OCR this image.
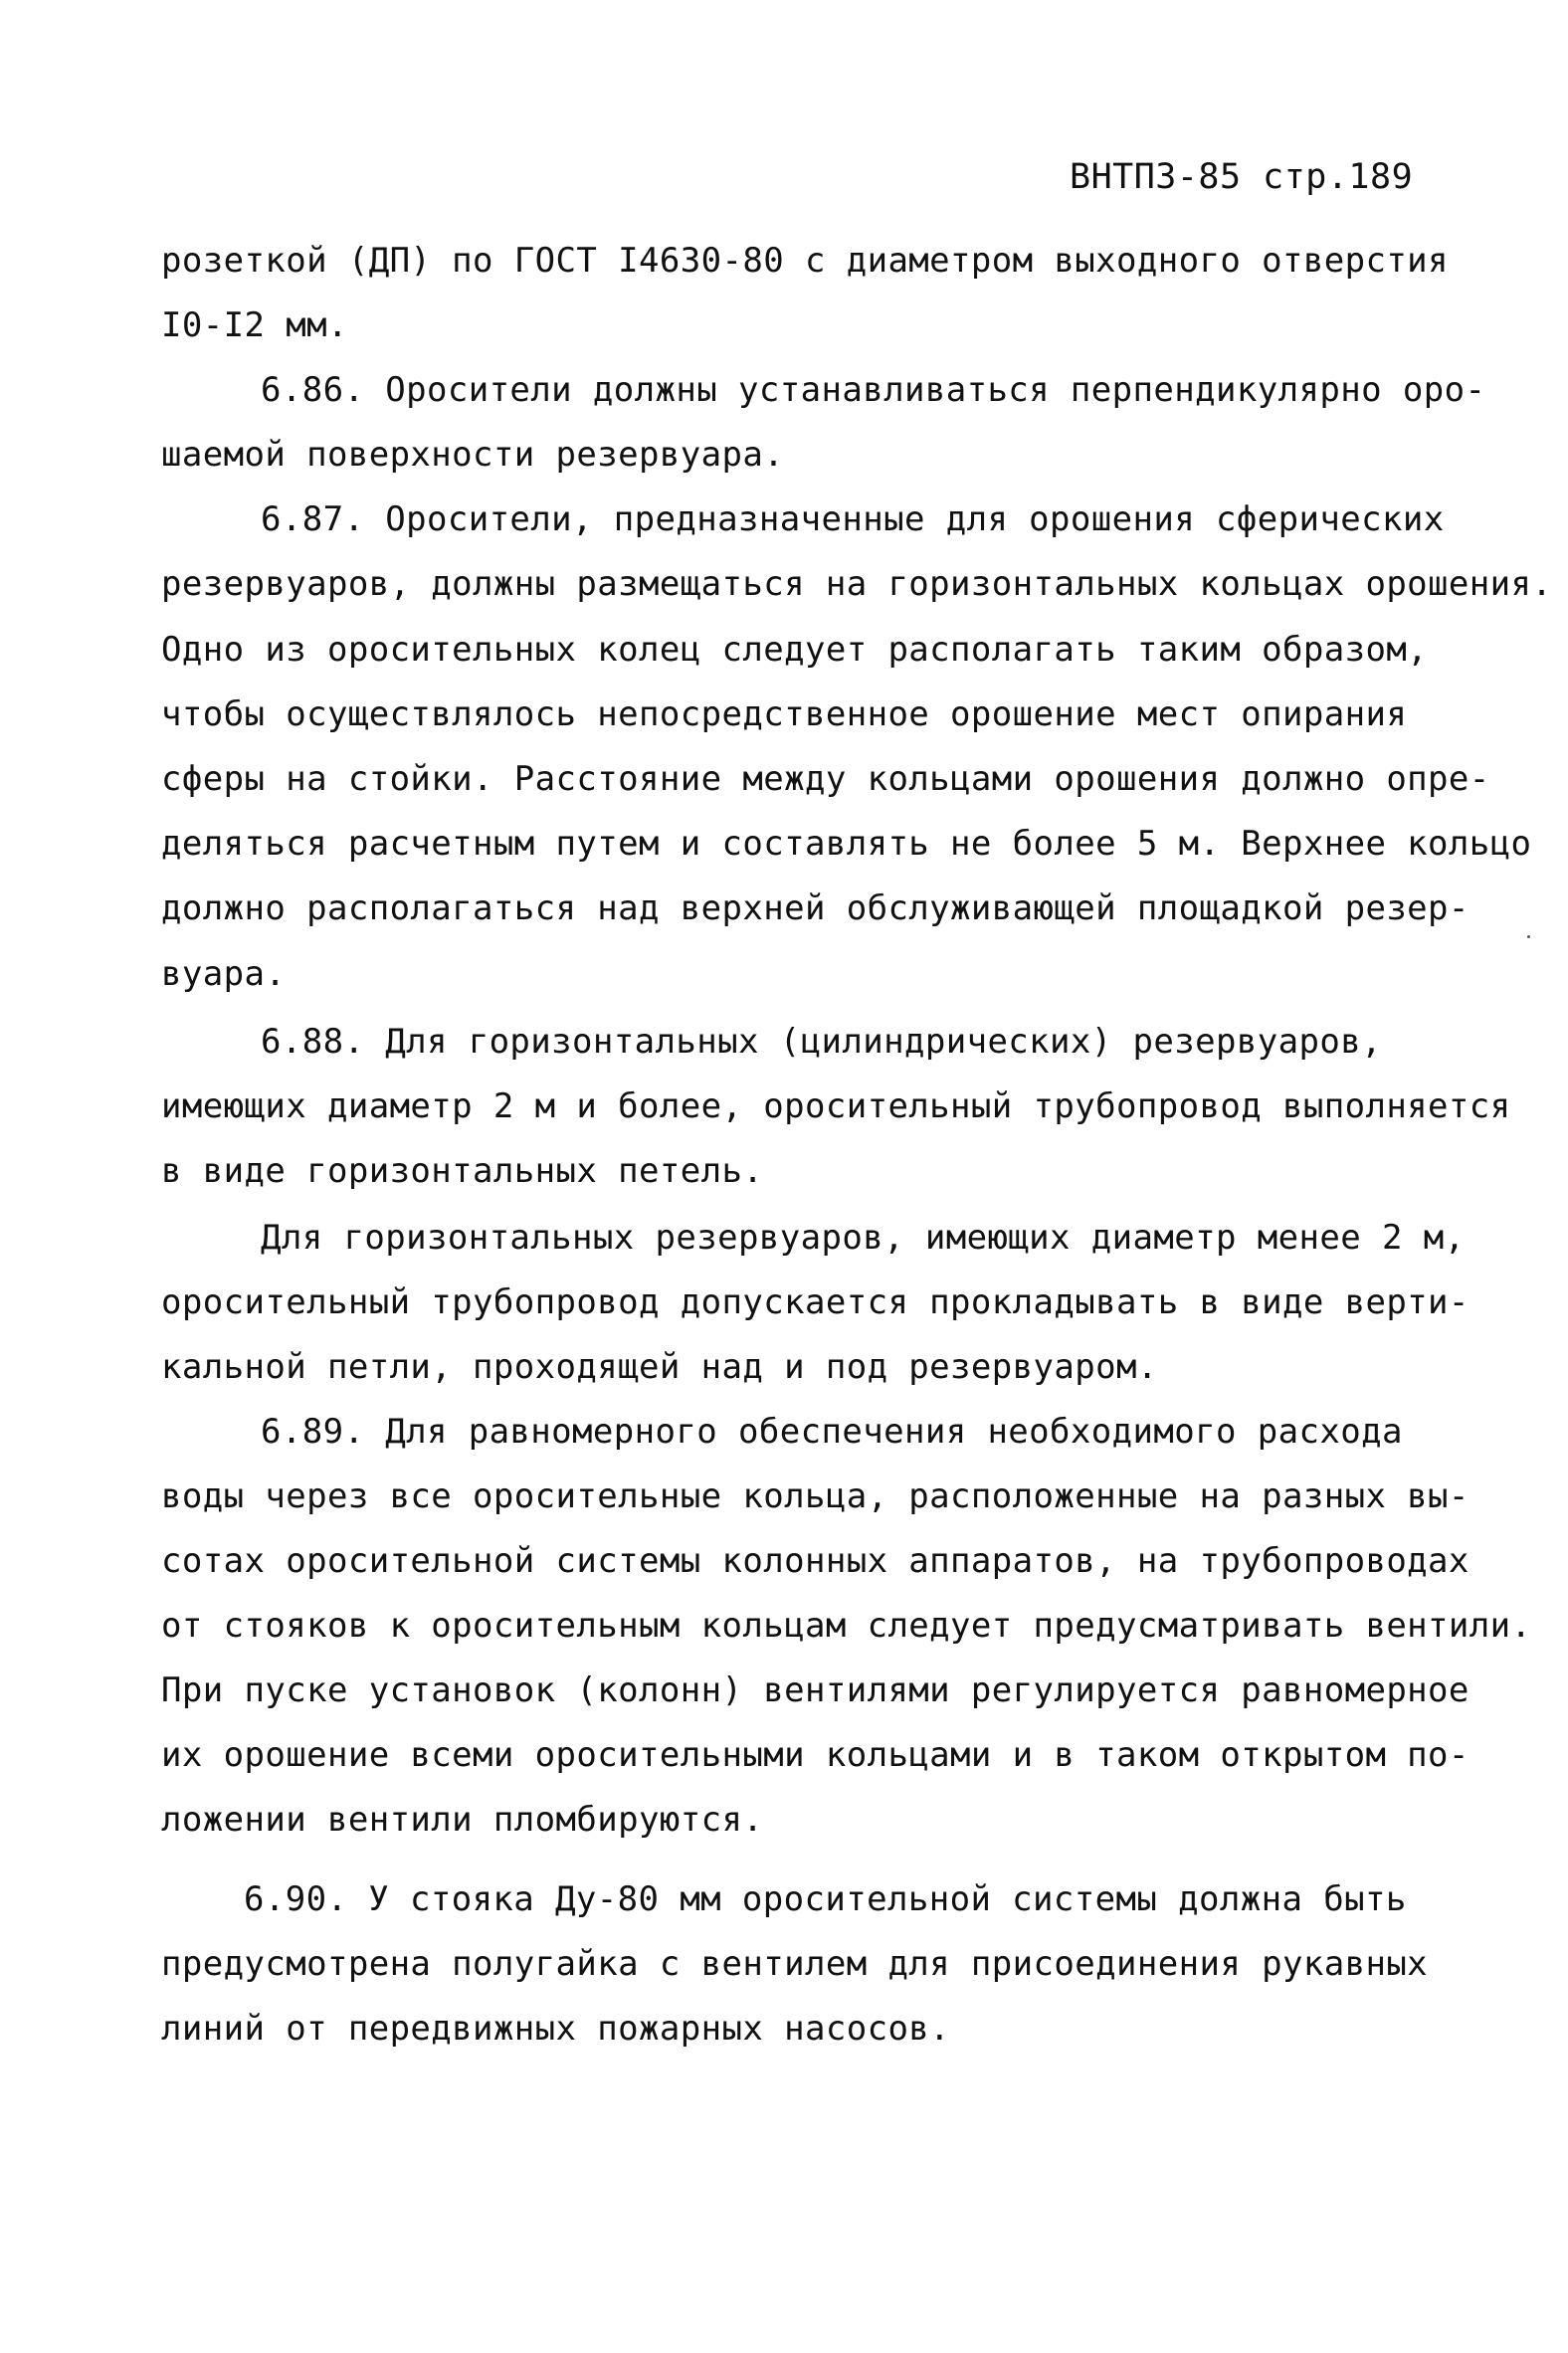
ВНТПЗ-85 стр.189
розеткой (ДП) по ГОСТ I4630-80 с диаметром выходного отверстия
I0-I2 мм.
6.86. Оросители должны устанавливаться перпендикулярно оро-
шаемой поверхности резервуара.
6.87. Оросители, предназначенные для орошения сферических
резервуаров, должны размещаться на горизонтальных кольцах орошения.
Одно из оросительных колец следует располагать таким образом,
чтобы осуществлялось непосредственное орошение мест опирания
сферы на стойки. Расстояние между кольцами орошения должно опре-
деляться расчетным путем и составлять не более 5 м. Верхнее кольцо
должно располагаться над верхней обслуживающей площадкой резер-
вуара.
6.88. Для горизонтальных (цилиндрических) резервуаров,
имеющих диаметр 2 м и более, оросительный трубопровод выполняется
в виде горизонтальных петель.
Для горизонтальных резервуаров, имеющих диаметр менее 2 м,
оросительный трубопровод допускается прокладывать в виде верти-
кальной петли, проходящей над и под резервуаром.
6.89. Для равномерного обеспечения необходимого расхода
воды через все оросительные кольца, расположенные на разных вы-
сотах оросительной системы колонных аппаратов, на трубопроводах
от стояков к оросительным кольцам следует предусматривать вентили.
При пуске установок (колонн) вентилями регулируется равномерное
их орошение всеми оросительными кольцами и в таком открытом по-
ложении вентили пломбируются.
6.90. У стояка Ду-80 мм оросительной системы должна быть
предусмотрена полугайка с вентилем для присоединения рукавных
линий от передвижных пожарных насосов.
